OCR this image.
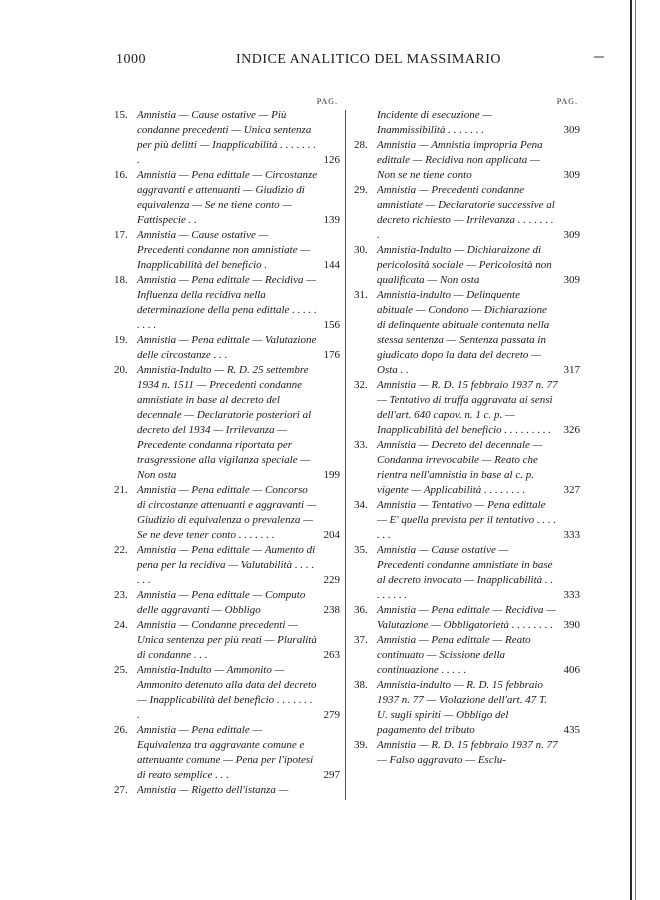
1000	INDICE ANALITICO DEL MASSIMARIO
PAG.
15. Amnistia — Cause ostative — Più condanne precedenti — Unica sentenza per più delitti — Inapplicabilità . . . . . . . .	126
16. Amnistia — Pena edittale — Circostanze aggravanti e attenuanti — Giudizio di equivalenza — Se ne tiene conto — Fattispecie . .	139
17. Amnistia — Cause ostative — Precedenti condanne non amnistiate — Inapplicabilità del beneficio .	144
18. Amnistia — Pena edittale — Recidiva — Influenza della recidiva nella determinazione della pena edittale . . . . . . . . .	156
19. Amnistia — Pena edittale — Valutazione delle circostanze . . .	176
20. Amnistia-Indulto — R. D. 25 settembre 1934 n. 1511 — Precedenti condanne amnistiate in base al decreto del decennale — Declaratorie posteriori al decreto del 1934 — Irrilevanza — Precedente condanna riportata per trasgressione alla vigilanza speciale — Non osta	199
21. Amnistia — Pena edittale — Concorso di circostanze attenuanti e aggravanti — Giudizio di equivalenza o prevalenza — Se ne deve tener conto . . . . . . .	204
22. Amnistia — Pena edittale — Aumento di pena per la recidiva — Valutabilità . . . . . . .	229
23. Amnistia — Pena edittale — Computo delle aggravanti — Obbligo	238
24. Amnistia — Condanne precedenti — Unica sentenza per più reati — Pluralità di condanne . . .	263
25. Amnistia-Indulto — Ammonito — Ammonito detenuto alla data del decreto — Inapplicabilità del beneficio . . . . . . . .	279
26. Amnistia — Pena edittale — Equivalenza tra aggravante comune e attenuante comune — Pena per l'ipotesi di reato semplice . . .	297
27. Amnistia — Rigetto dell'istanza —
PAG.
Incidente di esecuzione — Inammissibilità . . . . . . .	309
28. Amnistia — Amnistia impropria Pena edittale — Recidiva non applicata — Non se ne tiene conto	309
29. Amnistia — Precedenti condanne amnistiate — Declaratorie successive al decreto richiesto — Irrilevanza . . . . . . . .	309
30. Amnistia-Indulto — Dichiaraizone di pericolosità sociale — Pericolosità non qualificata — Non osta	309
31. Amnistia-indulto — Delinquente abituale — Condono — Dichiarazione di delinquente abituale contenuta nella stessa sentenza — Sentenza passata in giudicato dopo la data del decreto — Osta . .	317
32. Amnistia — R. D. 15 febbraio 1937 n. 77 — Tentativo di truffa aggravata ai sensi dell'art. 640 capov. n. 1 c. p. — Inapplicabilità del beneficio . . . . . . . . . 326
33. Amnistia — Decreto del decennale — Condanna irrevocabile — Reato che rientra nell'amnistia in base al c. p. vigente — Applicabilità . . . . . . . .	327
34. Amnistia — Tentativo — Pena edittale — E' quella prevista per il tentativo . . . . . . .	333
35. Amnistia — Cause ostative — Precedenti condanne amnistiate in base al decreto invocato — Inapplicabilità . . . . . . . .	333
36. Amnistia — Pena edittale — Recidiva — Valutazione — Obbligatorietà . . . . . . . . 390
37. Amnistia — Pena edittale — Reato continuato — Scissione della continuazione . . . . .	406
38. Amnistia-indulto — R. D. 15 febbraio 1937 n. 77 — Violazione dell'art. 47 T. U. sugli spiriti — Obbligo del pagamento del tributo	435
39. Amnistia — R. D. 15 febbraio 1937 n. 77 — Falso aggravato — Esclu-
